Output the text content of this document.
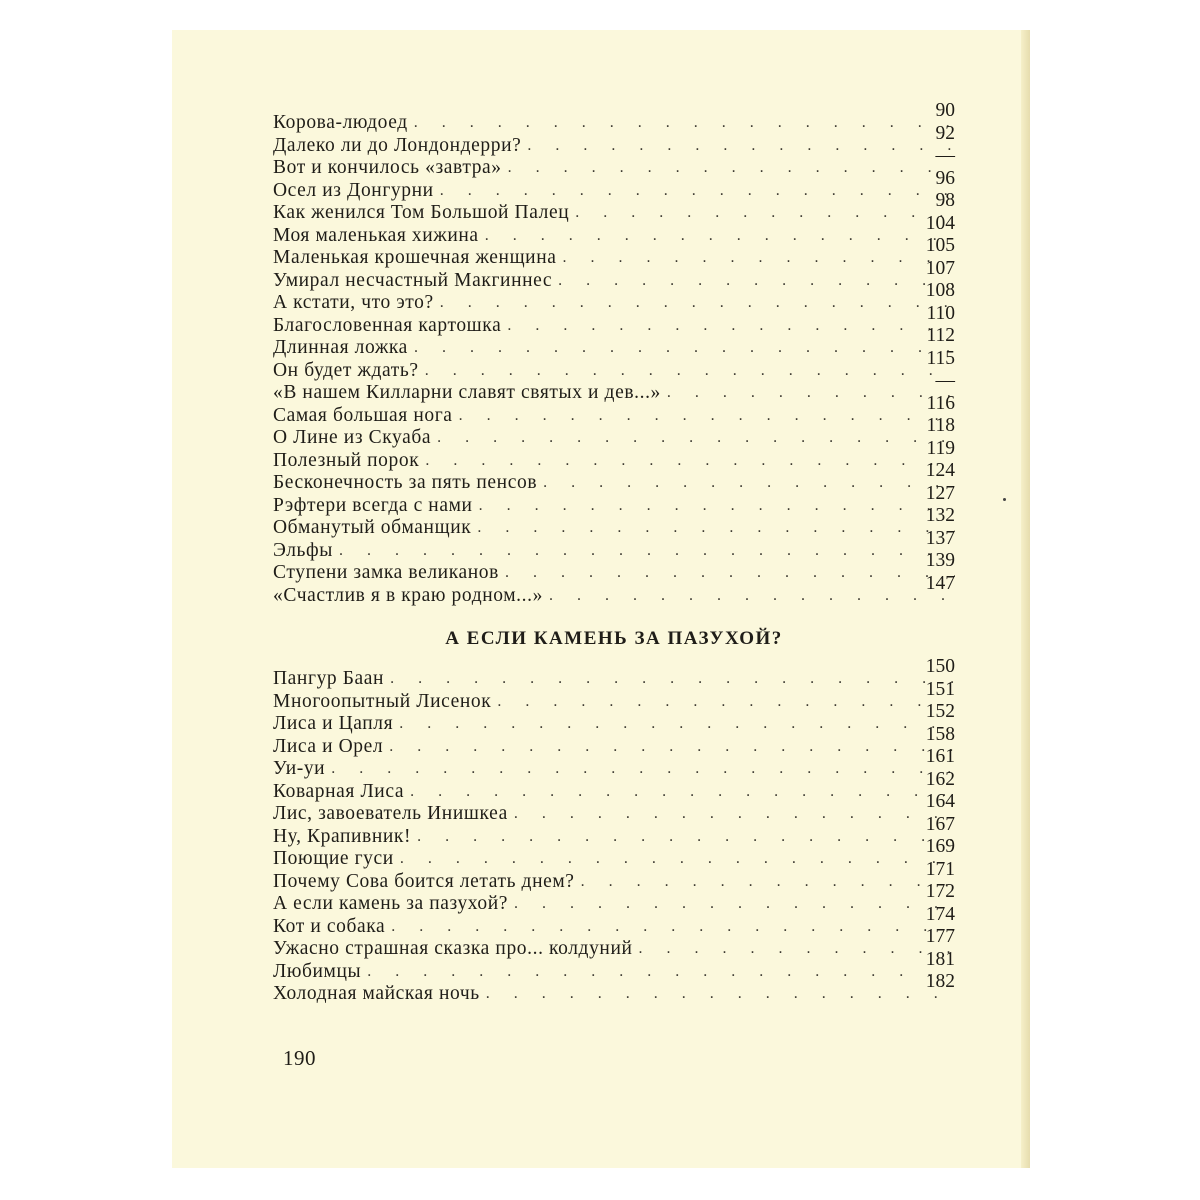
Корова-людоед
. . .
90
Далеко ли до Лондондерри?
. . .
92
Вот и кончилось «завтра»
. . .
—
Осел из Донгурни
. . .
96
Как женился Том Большой Палец
. . .
98
Моя маленькая хижина
. . .
104
Маленькая крошечная женщина
. . .
105
Умирал несчастный Макгиннес
. . .
107
А кстати, что это?
. . .
108
Благословенная картошка
. . .
110
Длинная ложка
. . .
112
Он будет ждать?
. . .
115
«В нашем Килларни славят святых и дев...»
. . .
—
Самая большая нога
. . .
116
О Лине из Скуаба
. . .
118
Полезный порок
. . .
119
Бесконечность за пять пенсов
. . .
124
Рэфтери всегда с нами
. . .
127
Обманутый обманщик
. . .
132
Эльфы
. . .
137
Ступени замка великанов
. . .
139
«Счастлив я в краю родном...»
. . .
147
А ЕСЛИ КАМЕНЬ ЗА ПАЗУХОЙ?
Пангур Баан
. . .
150
Многоопытный Лисенок
. . .
151
Лиса и Цапля
. . .
152
Лиса и Орел
. . .
158
Уи-уи
. . .
161
Коварная Лиса
. . .
162
Лис, завоеватель Инишкеа
. . .
164
Ну, Крапивник!
. . .
167
Поющие гуси
. . .
169
Почему Сова боится летать днем?
. . .
171
А если камень за пазухой?
. . .
172
Кот и собака
. . .
174
Ужасно страшная сказка про... колдуний
. . .
177
Любимцы
. . .
181
Холодная майская ночь
. . .
182
190
